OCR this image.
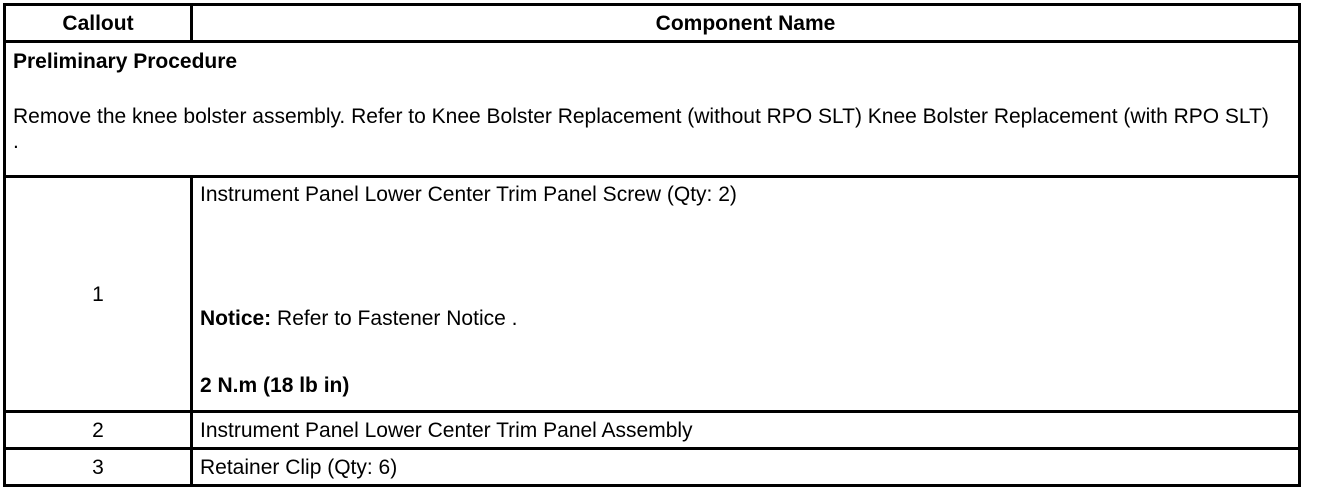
Callout	Component Name

Preliminary Procedure
Remove the knee bolster assembly. Refer to Knee Bolster Replacement (without RPO SLT) Knee Bolster Replacement (with RPO SLT) .	

1	Instrument Panel Lower Center Trim Panel Screw (Qty: 2)
Notice: Refer to Fastener Notice .
2 N.m (18 lb in)

2	Instrument Panel Lower Center Trim Panel Assembly
3	Retainer Clip (Qty: 6)
